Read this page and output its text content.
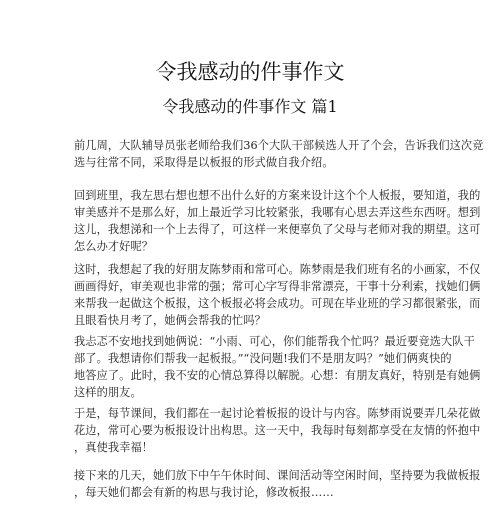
令我感动的件事作文
令我感动的件事作文 篇1
前几周，大队辅导员张老师给我们36个大队干部候选人开了个会，告诉我们这次竞
选与往常不同，采取得是以板报的形式做自我介绍。
回到班里，我左思右想也想不出什么好的方案来设计这个个人板报，要知道，我的
审美感并不是那么好，加上最近学习比较紧张，我哪有心思去弄这些东西呀。想到
这儿，我想涕和一个上去得了，可这样一来便辜负了父母与老师对我的期望。这可
怎么办才好呢？
这时，我想起了我的好朋友陈梦雨和常可心。陈梦雨是我们班有名的小画家，不仅
画画得好，审美观也非常的强；常可心字写得非常漂亮，干事十分利索，找她们俩
来帮我一起做这个板报，这个板报必将会成功。可现在毕业班的学习都很紧张，而
且眼看快月考了，她俩会帮我的忙吗？
我忐忑不安地找到她俩说：“小雨、可心，你们能帮我个忙吗？最近要竞选大队干
部了。我想请你们帮我一起板报。”“没问题!我们不是朋友吗？”她们俩爽快的
地答应了。此时，我不安的心情总算得以解脱。心想：有朋友真好，特别是有她俩
这样的朋友。
于是，每节课间，我们都在一起讨论着板报的设计与内容。陈梦雨说要弄几朵花做
花边，常可心要为板报设计出构思。这一天中，我每时每刻都享受在友情的怀抱中
，真使我幸福！
接下来的几天，她们放下中午午休时间、课间活动等空闲时间，坚持要为我做板报
，每天她们都会有新的构思与我讨论，修改板报……
